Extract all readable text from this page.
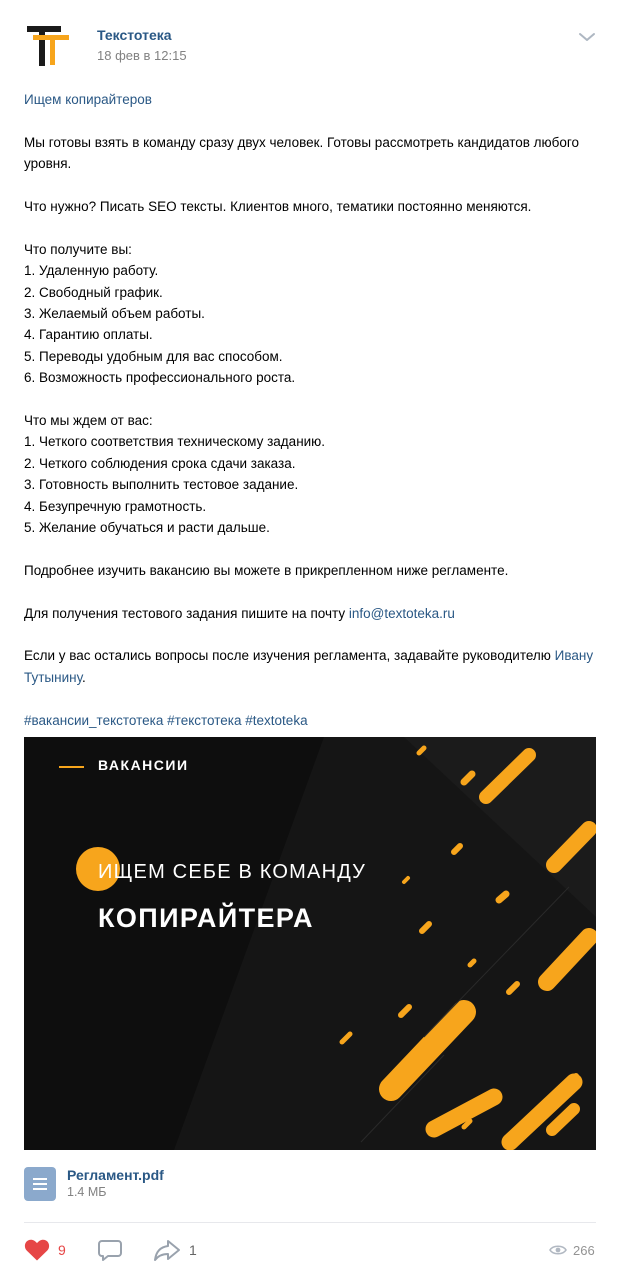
Текстотека
18 фев в 12:15
Ищем копирайтеров
Мы готовы взять в команду сразу двух человек. Готовы рассмотреть кандидатов любого уровня.
Что нужно? Писать SEO тексты. Клиентов много, тематики постоянно меняются.
Что получите вы:
1. Удаленную работу.
2. Свободный график.
3. Желаемый объем работы.
4. Гарантию оплаты.
5. Переводы удобным для вас способом.
6. Возможность профессионального роста.
Что мы ждем от вас:
1. Четкого соответствия техническому заданию.
2. Четкого соблюдения срока сдачи заказа.
3. Готовность выполнить тестовое задание.
4. Безупречную грамотность.
5. Желание обучаться и расти дальше.
Подробнее изучить вакансию вы можете в прикрепленном ниже регламенте.
Для получения тестового задания пишите на почту info@textoteka.ru
Если у вас остались вопросы после изучения регламента, задавайте руководителю Ивану Тутынину.
#вакансии_текстотека #текстотека #textoteka
ВАКАНСИИ
ИЩЕМ СЕБЕ В КОМАНДУ
КОПИРАЙТЕРА
Регламент.pdf
1.4 МБ
9	1	266
